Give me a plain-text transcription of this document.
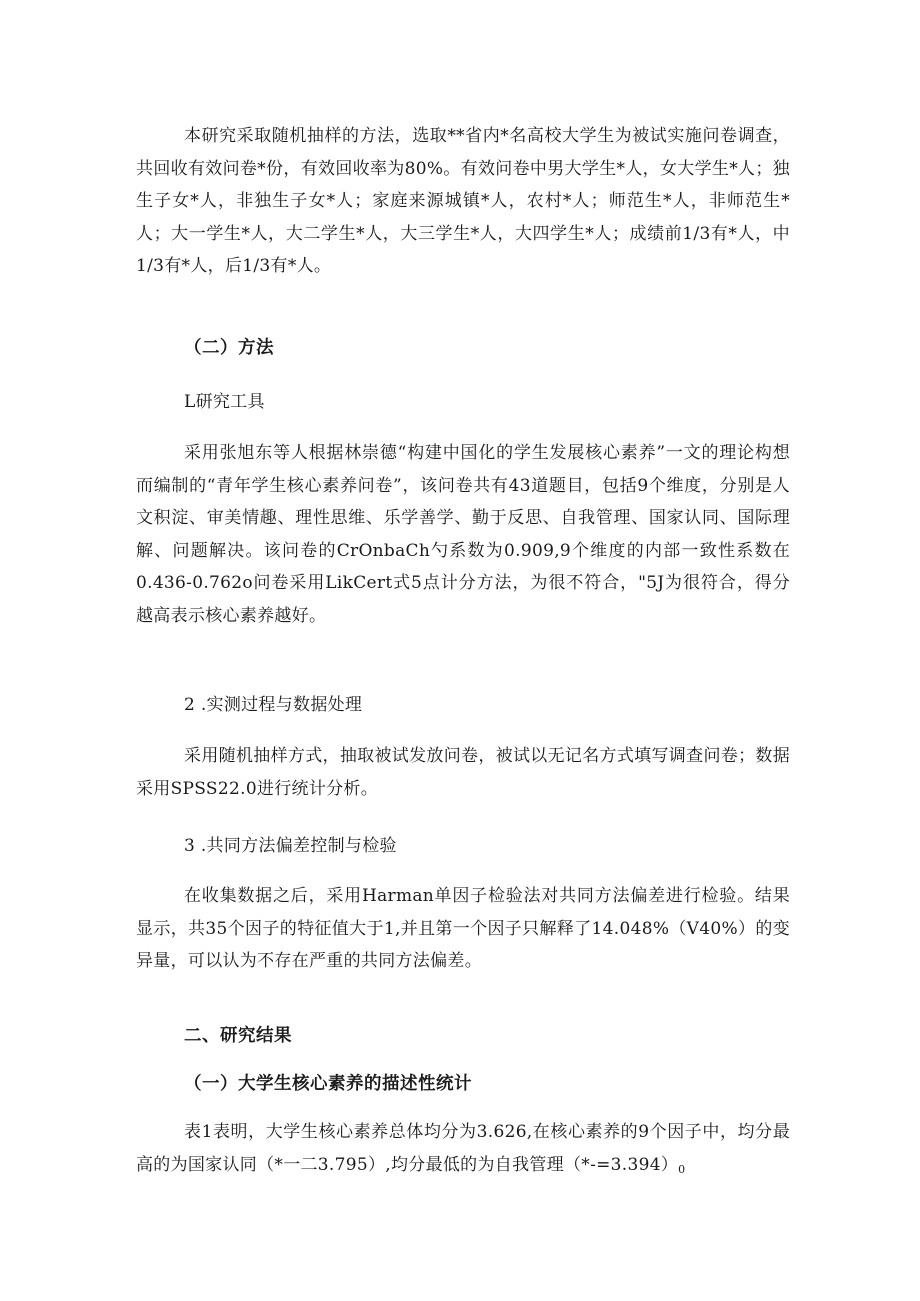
本研究采取随机抽样的方法，选取**省内*名高校大学生为被试实施问卷调查，共回收有效问卷*份，有效回收率为80%。有效问卷中男大学生*人，女大学生*人；独生子女*人，非独生子女*人；家庭来源城镇*人，农村*人；师范生*人，非师范生*人；大一学生*人，大二学生*人，大三学生*人，大四学生*人；成绩前1/3有*人，中1/3有*人，后1/3有*人。

（二）方法

L研究工具

采用张旭东等人根据林崇德“构建中国化的学生发展核心素养”一文的理论构想而编制的“青年学生核心素养问卷”，该问卷共有43道题目，包括9个维度，分别是人文积淀、审美情趣、理性思维、乐学善学、勤于反思、自我管理、国家认同、国际理解、问题解决。该问卷的CrOnbaCh勺系数为0.909,9个维度的内部一致性系数在0.436-0.762o问卷采用LikCert式5点计分方法，为很不符合，"5J为很符合，得分越高表示核心素养越好。

2 .实测过程与数据处理

采用随机抽样方式，抽取被试发放问卷，被试以无记名方式填写调查问卷；数据采用SPSS22.0进行统计分析。

3 .共同方法偏差控制与检验

在收集数据之后，采用Harman单因子检验法对共同方法偏差进行检验。结果显示，共35个因子的特征值大于1,并且第一个因子只解释了14.048%（V40%）的变异量，可以认为不存在严重的共同方法偏差。

二、研究结果

（一）大学生核心素养的描述性统计

表1表明，大学生核心素养总体均分为3.626,在核心素养的9个因子中，均分最高的为国家认同（*一二3.795）,均分最低的为自我管理（*-=3.394）0
